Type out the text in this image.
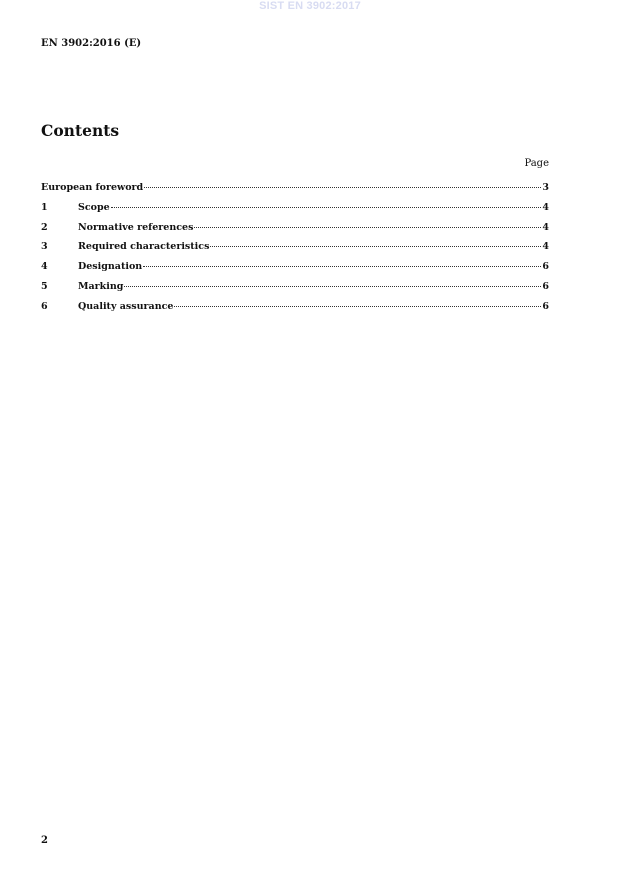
SIST EN 3902:2017
EN 3902:2016 (E)
Contents
Page
European foreword	3
1	Scope	4
2	Normative references	4
3	Required characteristics	4
4	Designation	6
5	Marking	6
6	Quality assurance	6
2
